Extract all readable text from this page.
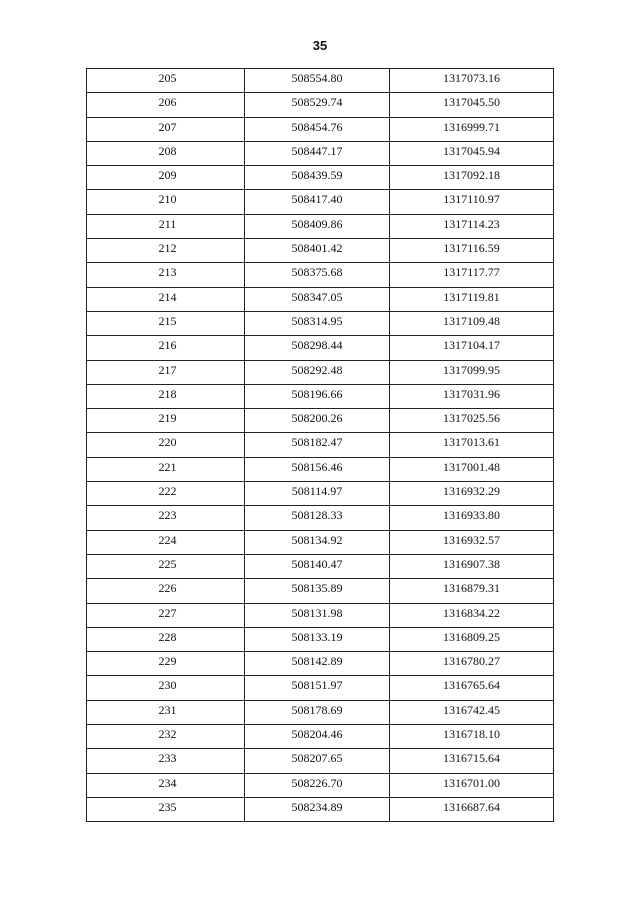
35
205	508554.80	1317073.16

206	508529.74	1317045.50

207	508454.76	1316999.71

208	508447.17	1317045.94

209	508439.59	1317092.18

210	508417.40	1317110.97

211	508409.86	1317114.23

212	508401.42	1317116.59

213	508375.68	1317117.77

214	508347.05	1317119.81

215	508314.95	1317109.48

216	508298.44	1317104.17

217	508292.48	1317099.95

218	508196.66	1317031.96

219	508200.26	1317025.56

220	508182.47	1317013.61

221	508156.46	1317001.48

222	508114.97	1316932.29

223	508128.33	1316933.80

224	508134.92	1316932.57

225	508140.47	1316907.38

226	508135.89	1316879.31

227	508131.98	1316834.22

228	508133.19	1316809.25

229	508142.89	1316780.27

230	508151.97	1316765.64

231	508178.69	1316742.45

232	508204.46	1316718.10

233	508207.65	1316715.64

234	508226.70	1316701.00

235	508234.89	1316687.64
